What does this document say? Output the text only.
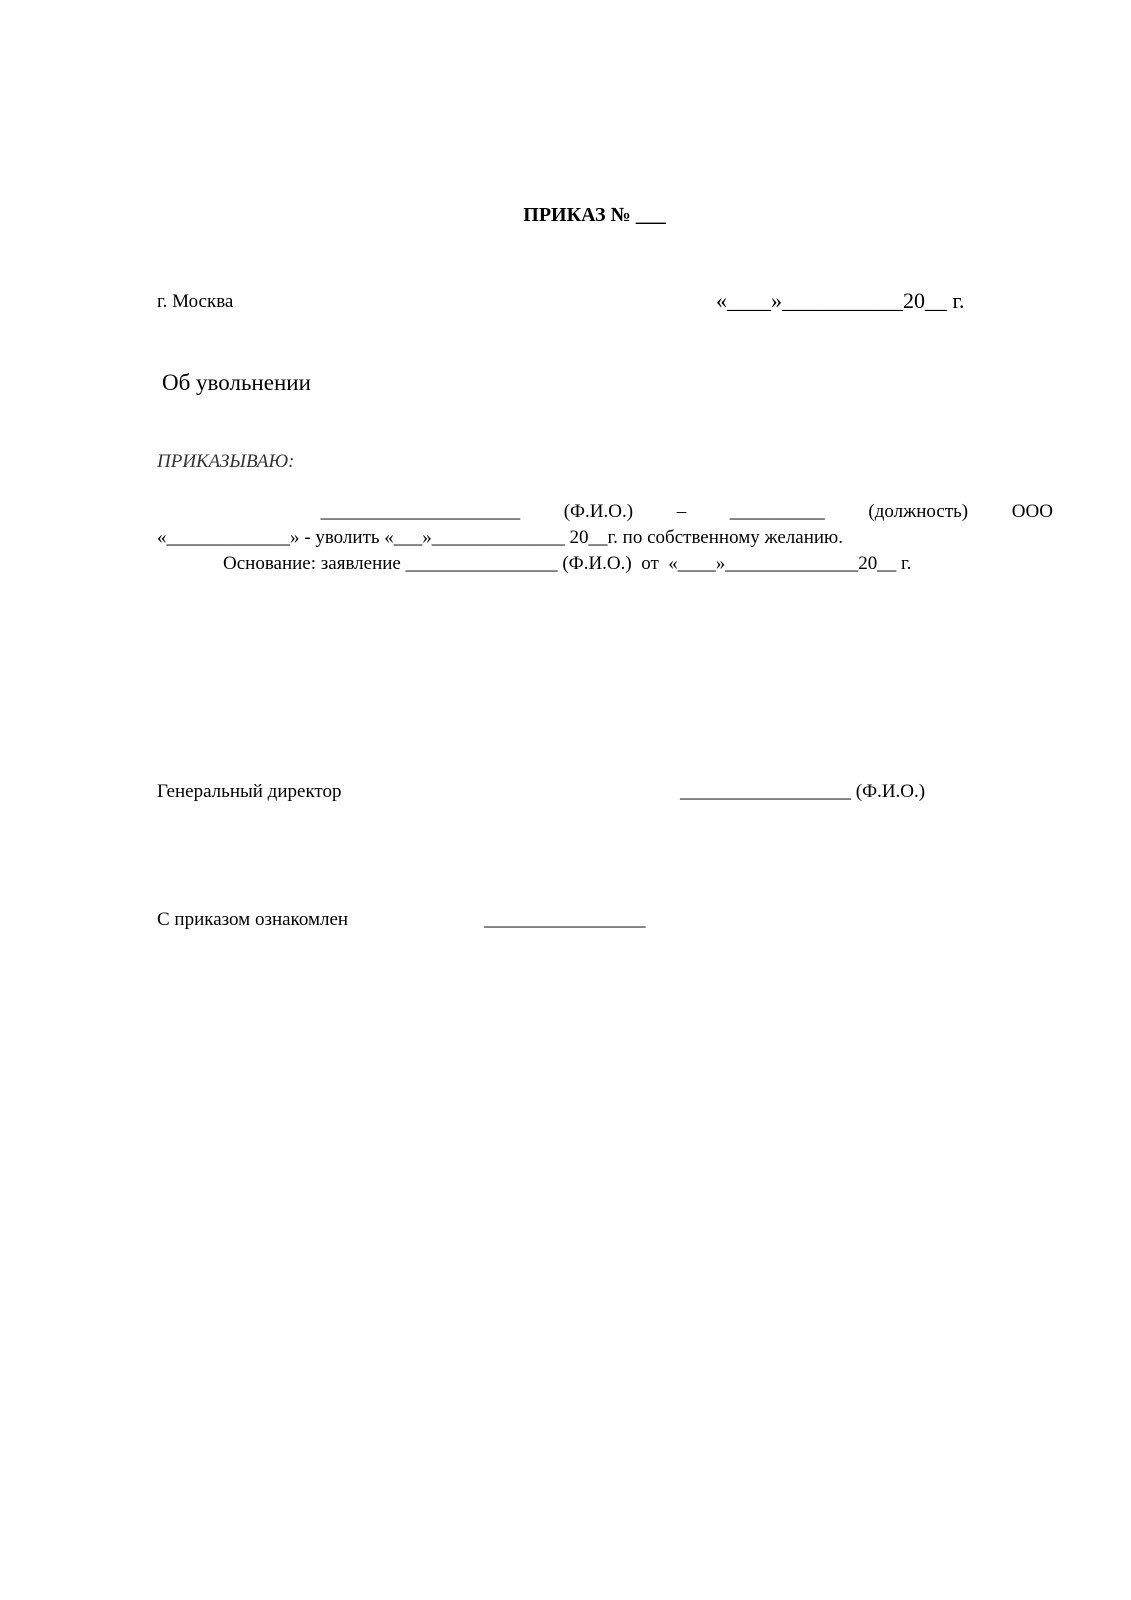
ПРИКАЗ № ___
г. Москва	«____»___________20__ г.
Об увольнении
ПРИКАЗЫВАЮ:
_____________________ (Ф.И.О.) – __________ (должность) ООО
«_____________» - уволить «___»______________ 20__г. по собственному желанию.
Основание: заявление ________________ (Ф.И.О.)  от  «____»______________20__ г.
Генеральный директор	__________________ (Ф.И.О.)
С приказом ознакомлен	_________________
